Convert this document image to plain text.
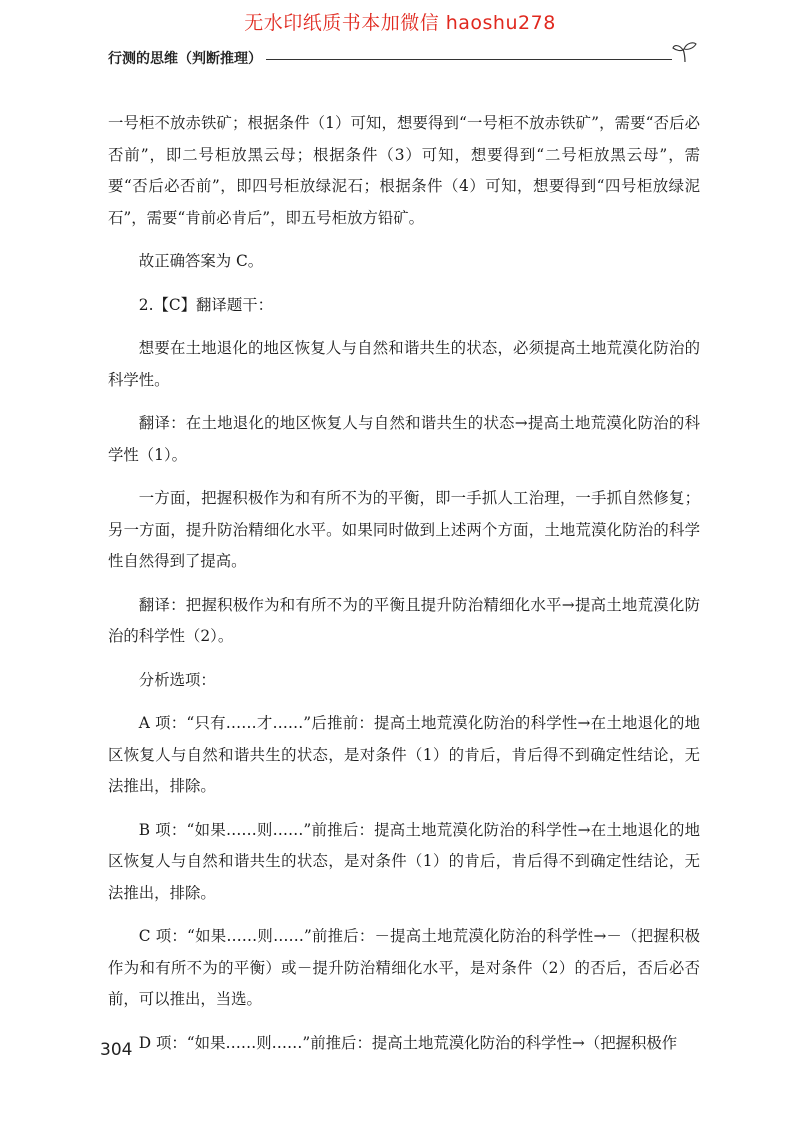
无水印纸质书本加微信 haoshu278
行测的思维（判断推理）

一号柜不放赤铁矿；根据条件（1）可知，想要得到“一号柜不放赤铁矿”，需要“否后必否前”，即二号柜放黑云母；根据条件（3）可知，想要得到“二号柜放黑云母”，需要“否后必否前”，即四号柜放绿泥石；根据条件（4）可知，想要得到“四号柜放绿泥石”，需要“肯前必肯后”，即五号柜放方铅矿。

故正确答案为 C。

2.【C】翻译题干：

想要在土地退化的地区恢复人与自然和谐共生的状态，必须提高土地荒漠化防治的科学性。

翻译：在土地退化的地区恢复人与自然和谐共生的状态→提高土地荒漠化防治的科学性（1）。

一方面，把握积极作为和有所不为的平衡，即一手抓人工治理，一手抓自然修复；另一方面，提升防治精细化水平。如果同时做到上述两个方面，土地荒漠化防治的科学性自然得到了提高。

翻译：把握积极作为和有所不为的平衡且提升防治精细化水平→提高土地荒漠化防治的科学性（2）。

分析选项：

A 项：“只有……才……”后推前：提高土地荒漠化防治的科学性→在土地退化的地区恢复人与自然和谐共生的状态，是对条件（1）的肯后，肯后得不到确定性结论，无法推出，排除。

B 项：“如果……则……”前推后：提高土地荒漠化防治的科学性→在土地退化的地区恢复人与自然和谐共生的状态，是对条件（1）的肯后，肯后得不到确定性结论，无法推出，排除。

C 项：“如果……则……”前推后：－提高土地荒漠化防治的科学性→－（把握积极作为和有所不为的平衡）或－提升防治精细化水平，是对条件（2）的否后，否后必否前，可以推出，当选。

D 项：“如果……则……”前推后：提高土地荒漠化防治的科学性→（把握积极作

304
